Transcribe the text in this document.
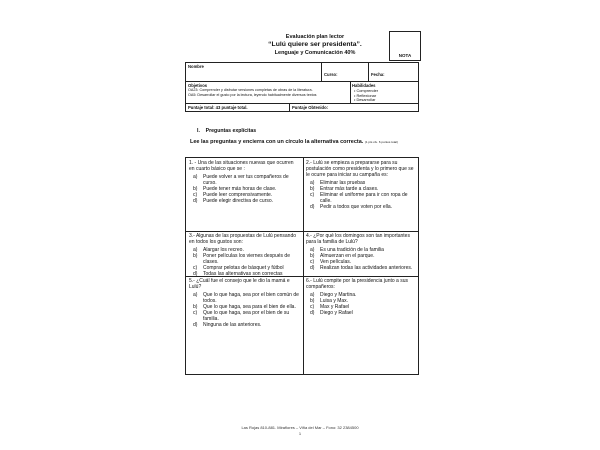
Evaluación plan lector
“Lulú quiere ser presidenta”.
Lenguaje y Comunicación 40%	NOTA
Nombre
Curso:	Fecha:
Objetivos
OA23: Comprender y disfrutar versiones completas de obras de la literatura.
OA5: Desarrollar el gusto por la lectura, leyendo habitualmente diversos textos
Habilidades
• Comprender
• Reflexionar
• Desarrollar
Puntaje total: 43 puntaje total.	Puntaje Obtenido:
I. Preguntas explícitas
Lee las preguntas y encierra con un círculo la alternativa correcta. (1 pts c/u. 6 puntos total)

1. - Una de las situaciones nuevas que ocurren en cuarto básico que se :

a) Puede volver a ver tus compañeros de curso.
b) Puede tener más horas de clase.
c) Puede leer comprensivamente.
d) Puede elegir directiva de curso.

2.- Lulú se empieza a prepararse para su postulación como presidenta y lo primero que se le ocurre para iniciar su campaña es:

a) Eliminar las pruebas
b) Entrar más tarde a clases.
c) Eliminar el uniforme para ir con ropa de calle.
d) Pedir a todos que voten por ella.

3.- Algunas de las propuestas de Lulú pensando en todos los gustos son:

a) Alargar los recreo.
b) Poner películas los viernes después de clases.
c) Comprar pelotas de básquet y fútbol
d) Todas las alternativas son correctas

4.- ¿Por qué los domingos son tan importantes para la familia de Lulú?

a) Es una tradición de la familia
b) Almuerzan en el parque.
c) Ven películas.
d) Realizan todas las actividades anteriores.

5.- ¿Cuál fue el consejo que le dio la mamá e Lulú?

a) Que lo que haga, sea por el bien común de todos.
b) Que lo que haga, sea para el bien de ella.
c) Que lo que haga, sea por el bien de su familia.
d) Ninguna de las anteriores.

6.- Lulú compite por la presidencia junto a sus compañeros:

a) Diego y Martina.
b) Luisa y Max.
c) Max y Rafael
d) Diego y Rafael
Las Rojas 810-881. Miraflores – Viña del Mar – Fono: 32 2384500
1
